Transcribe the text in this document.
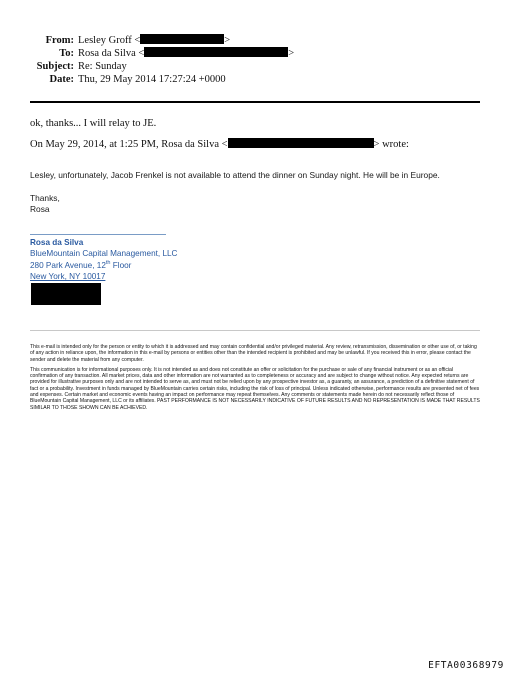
From: Lesley Groff <	>
To: Rosa da Silva <	>
Subject: Re: Sunday
Date: Thu, 29 May 2014 17:27:24 +0000
ok, thanks... I will relay to JE.
On May 29, 2014, at 1:25 PM, Rosa da Silva <	> wrote:
Lesley, unfortunately, Jacob Frenkel is not available to attend the dinner on Sunday night. He will be in Europe.
Thanks,
Rosa
Rosa da Silva
BlueMountain Capital Management, LLC
280 Park Avenue, 12th Floor
New York, NY 10017

This e-mail is intended only for the person or entity to which it is addressed and may contain confidential and/or privileged material. Any review, retransmission, dissemination or other use of, or taking of any action in reliance upon, the information in this e-mail by persons or entities other than the intended recipient is prohibited and may be unlawful. If you received this in error, please contact the sender and delete the material from any computer.

This communication is for informational purposes only. It is not intended as and does not constitute an offer or solicitation for the purchase or sale of any financial instrument or as an official confirmation of any transaction. All market prices, data and other information are not warranted as to completeness or accuracy and are subject to change without notice. Any expected returns are provided for illustrative purposes only and are not intended to serve as, and must not be relied upon by any prospective investor as, a guaranty, an assurance, a prediction of a definitive statement of fact or a probability. Investment in funds managed by BlueMountain carries certain risks, including the risk of loss of principal. Unless indicated otherwise, performance results are presented net of fees and expenses. Certain market and economic events having an impact on performance may repeat themselves. Any comments or statements made herein do not necessarily reflect those of BlueMountain Capital Management, LLC or its affiliates. PAST PERFORMANCE IS NOT NECESSARILY INDICATIVE OF FUTURE RESULTS AND NO REPRESENTATION IS MADE THAT RESULTS SIMILAR TO THOSE SHOWN CAN BE ACHIEVED.

EFTA00368979
